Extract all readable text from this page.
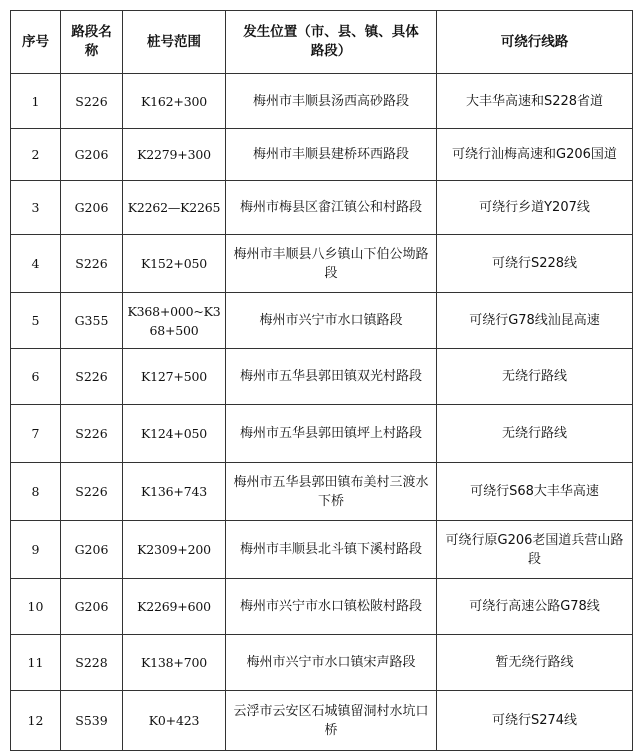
序号	路段名称	桩号范围	发生位置（市、县、镇、具体路段）	可绕行线路
1	S226	K162+300	梅州市丰顺县汤西高砂路段	大丰华高速和S228省道
2	G206	K2279+300	梅州市丰顺县建桥环西路段	可绕行汕梅高速和G206国道
3	G206	K2262—K2265	梅州市梅县区畲江镇公和村路段	可绕行乡道Y207线
4	S226	K152+050	梅州市丰顺县八乡镇山下伯公坳路段	可绕行S228线
5	G355	K368+000~K368+500	梅州市兴宁市水口镇路段	可绕行G78线汕昆高速
6	S226	K127+500	梅州市五华县郭田镇双光村路段	无绕行路线
7	S226	K124+050	梅州市五华县郭田镇坪上村路段	无绕行路线
8	S226	K136+743	梅州市五华县郭田镇布美村三渡水下桥	可绕行S68大丰华高速
9	G206	K2309+200	梅州市丰顺县北斗镇下溪村路段	可绕行原G206老国道兵营山路段
10	G206	K2269+600	梅州市兴宁市水口镇松陂村路段	可绕行高速公路G78线
11	S228	K138+700	梅州市兴宁市水口镇宋声路段	暂无绕行路线
12	S539	K0+423	云浮市云安区石城镇留洞村水坑口桥	可绕行S274线
